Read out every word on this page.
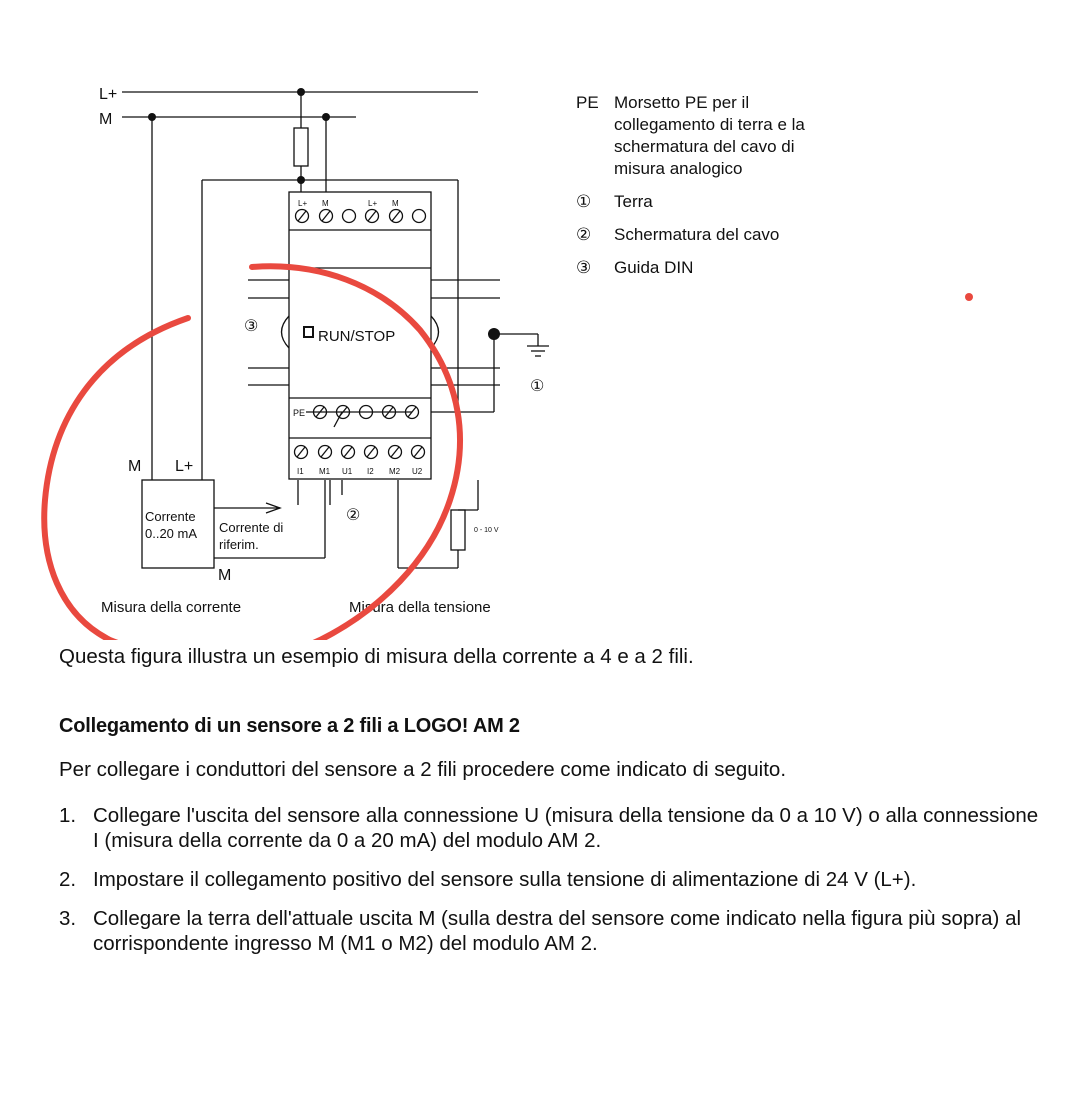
L+
M
L+ M	L+ M
RUN/STOP
PE
I1 M1 U1 I2 M2 U2
③
①
②
M L+
Corrente
0..20 mA Corrente di
riferim.
M
0 - 10 V
Misura della corrente	Misura della tensione
PE Morsetto PE per il
collegamento di terra e la
schermatura del cavo di
misura analogico
①	Terra
②	Schermatura del cavo
③	Guida DIN
Questa figura illustra un esempio di misura della corrente a 4 e a 2 fili.
Collegamento di un sensore a 2 fili a LOGO! AM 2
Per collegare i conduttori del sensore a 2 fili procedere come indicato di seguito.
1. Collegare l'uscita del sensore alla connessione U (misura della tensione da 0 a 10 V) o alla connessione I (misura della corrente da 0 a 20 mA) del modulo AM 2.
2. Impostare il collegamento positivo del sensore sulla tensione di alimentazione di 24 V (L+).
3. Collegare la terra dell'attuale uscita M (sulla destra del sensore come indicato nella figura più sopra) al corrispondente ingresso M (M1 o M2) del modulo AM 2.
